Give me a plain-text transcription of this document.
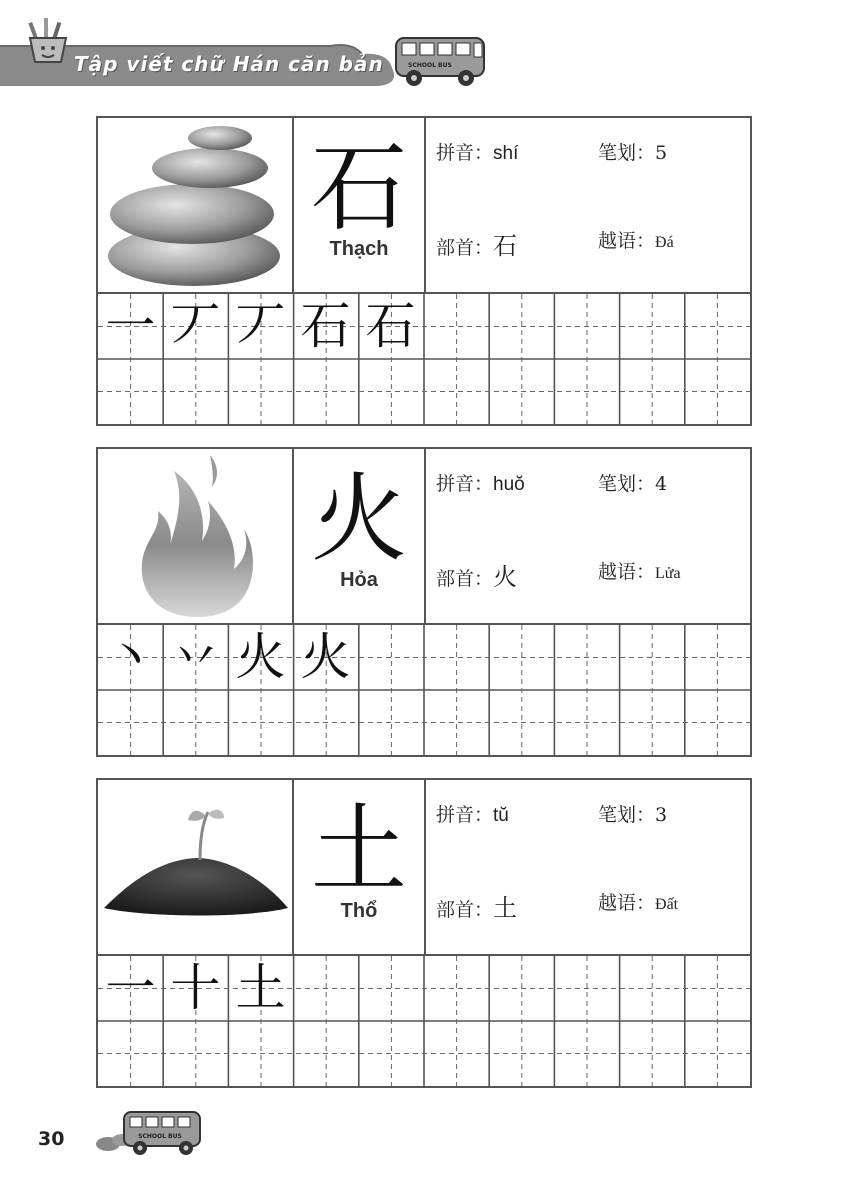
Tập viết chữ Hán căn bản	SCHOOL BUS
石
Thạch
拼音：shí	笔划：5
部首：石	越语：Đá
一 丆 丆 石 石
火
Hỏa
拼音：huŏ	笔划：4
部首：火	越语：Lửa
丶 丷 火 火
土
Thổ
拼音：tŭ	笔划：3
部首：土	越语：Đất
一 十 土
30	SCHOOL BUS
